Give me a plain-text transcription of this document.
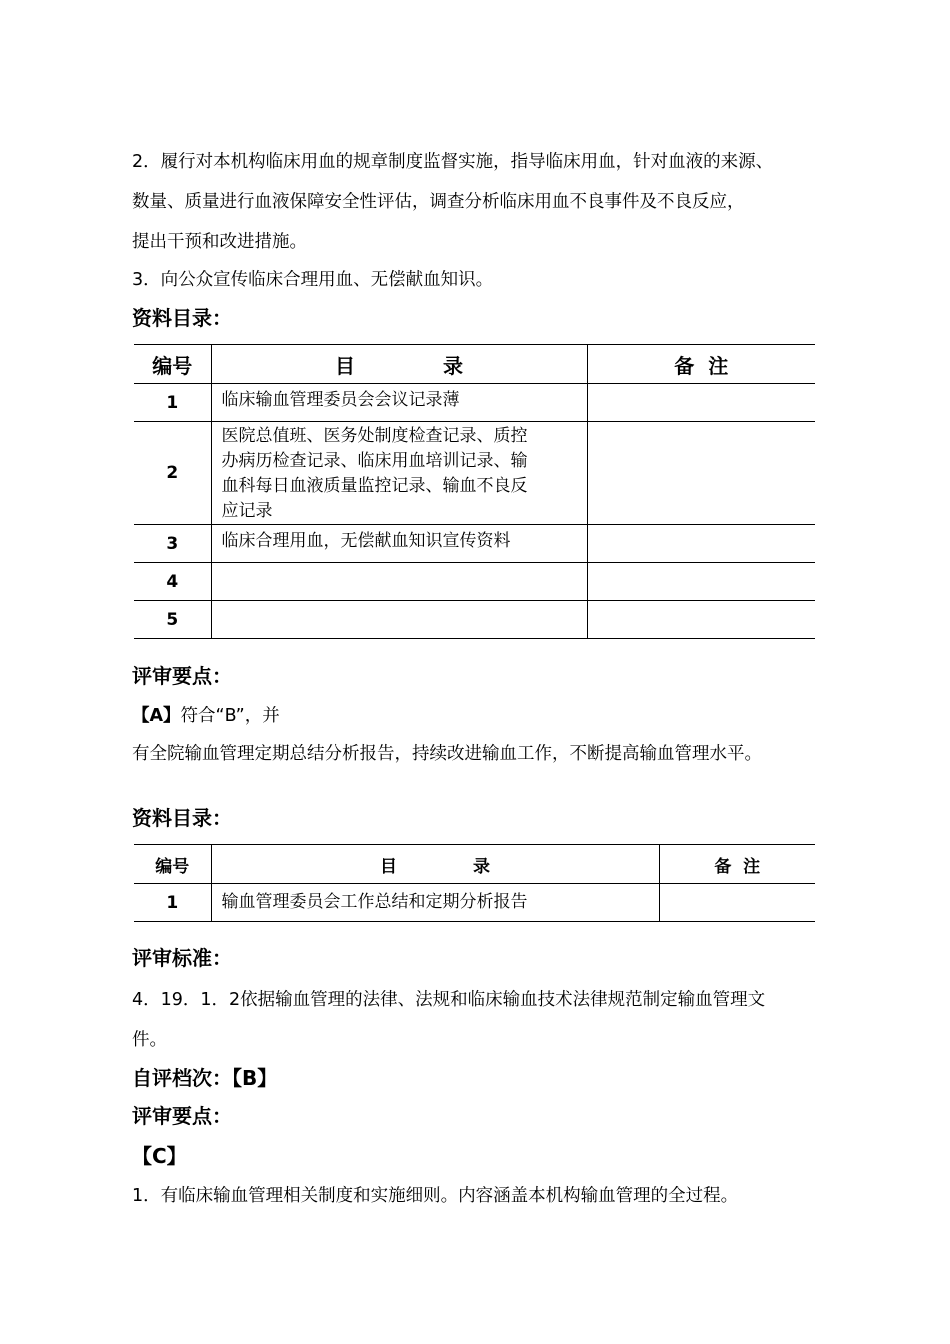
2．履行对本机构临床用血的规章制度监督实施，指导临床用血，针对血液的来源、
数量、质量进行血液保障安全性评估，调查分析临床用血不良事件及不良反应，
提出干预和改进措施。
3．向公众宣传临床合理用血、无偿献血知识。
资料目录：
编号	目 录	备  注
1	临床输血管理委员会会议记录薄	
2	医院总值班、医务处制度检查记录、质控
办病历检查记录、临床用血培训记录、输
血科每日血液质量监控记录、输血不良反
应记录	

3	临床合理用血，无偿献血知识宣传资料	
4		
5		
评审要点：
【A】符合“B”，并
有全院输血管理定期总结分析报告，持续改进输血工作，不断提高输血管理水平。
资料目录：
编号	目 录	备  注
1	输血管理委员会工作总结和定期分析报告	
评审标准：
4．19．1．2依据输血管理的法律、法规和临床输血技术法律规范制定输血管理文
件。
自评档次：【B】
评审要点：
【C】
1．有临床输血管理相关制度和实施细则。内容涵盖本机构输血管理的全过程。
